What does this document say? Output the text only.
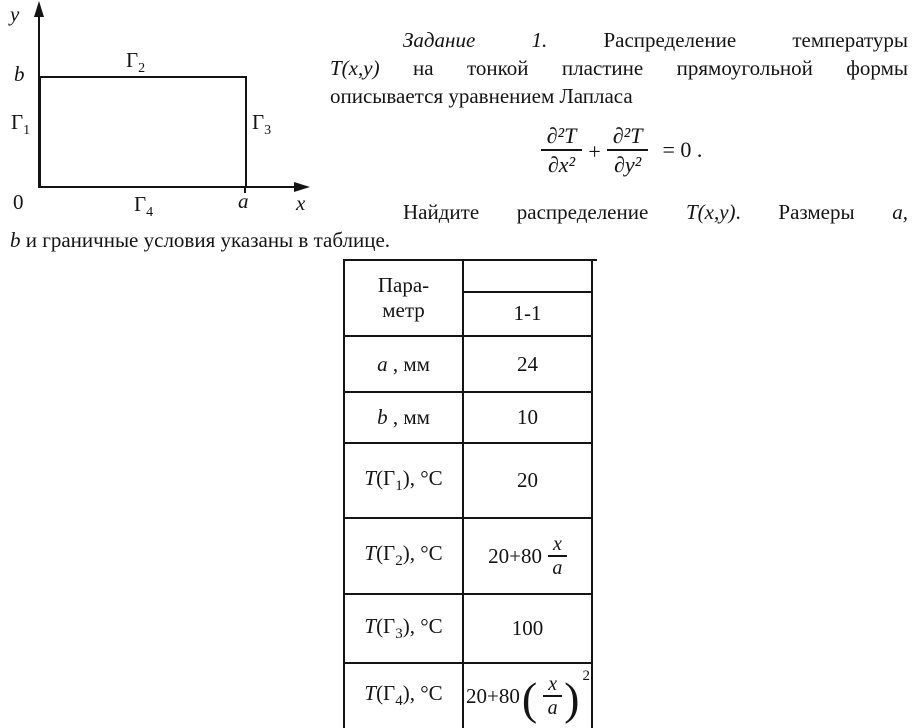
y
b
$\Gamma_2$
$\Gamma_1$	$\Gamma_3$
0	$\Gamma_4$	a x
Задание 1.	Распределение температуры
T(x,y) на тонкой пластине прямоугольной формы
описывается уравнением Лапласа
$\frac{\text{∂²T}}{\text{∂x²}} + \frac{\text{∂²T}}{\text{∂y²}} = 0$ .
Найдите распределение T(x,y). Размеры a,
b и граничные условия указаны в таблице.
Пара-
метр	

	1-1
a , мм	24
b , мм	10
$T(\Gamma_1)$, °C	20
$T(\Gamma_2)$, °C	$20+80 \frac{x}{a}$

$T(\Gamma_3)$, °C	100
$T(\Gamma_4)$, °C	20+80 ( $\frac{x}{a}$ ) 2
